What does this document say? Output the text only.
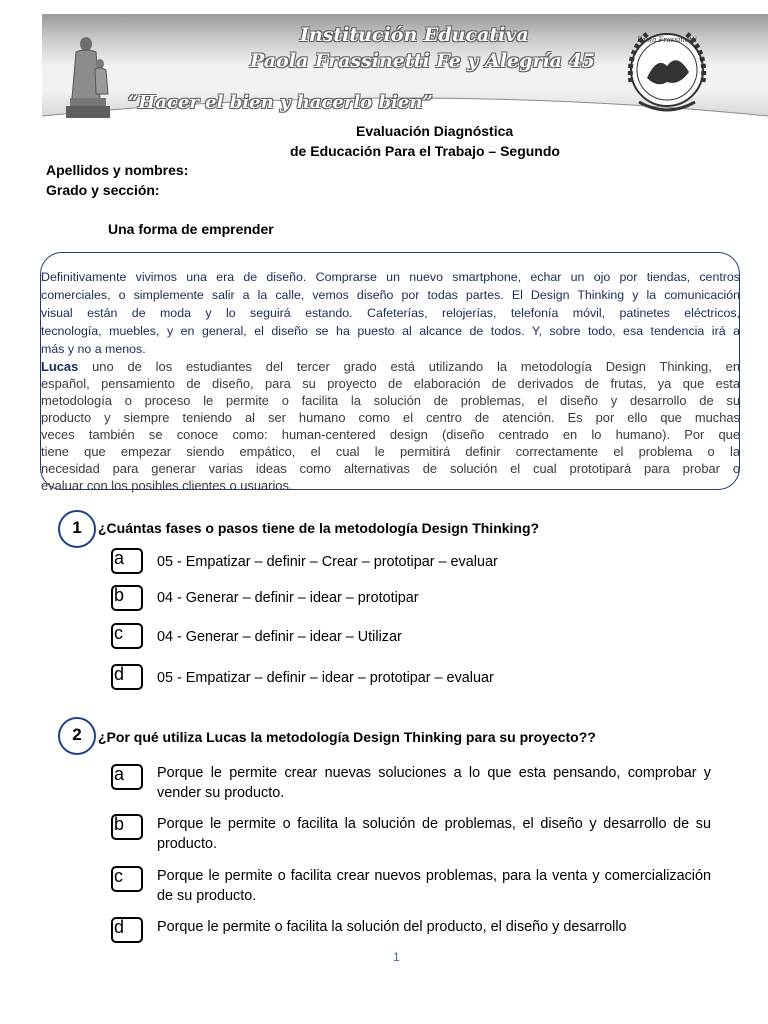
Institución Educativa
Paola Frassinetti Fe y Alegría 45
“Hacer el bien y hacerlo bien”
Paola Frassinetti
Evaluación Diagnóstica
de Educación Para el Trabajo – Segundo
Apellidos y nombres:
Grado y sección:
Una forma de emprender
Definitivamente vivimos una era de diseño. Comprarse un nuevo smartphone, echar un ojo por tiendas, centros
comerciales, o simplemente salir a la calle, vemos diseño por todas partes. El Design Thinking y la comunicación
visual están de moda y lo seguirá estando. Cafeterías, relojerías, telefonía móvil, patinetes eléctricos,
tecnología, muebles, y en general, el diseño se ha puesto al alcance de todos. Y, sobre todo, esa tendencia irá a
más y no a menos.
Lucas uno de los estudiantes del tercer grado está utilizando la metodología Design Thinking, en
español, pensamiento de diseño, para su proyecto de elaboración de derivados de frutas, ya que esta
metodología o proceso le permite o facilita la solución de problemas, el diseño y desarrollo de su
producto y siempre teniendo al ser humano como el centro de atención. Es por ello que muchas
veces también se conoce como: human-centered design (diseño centrado en lo humano). Por que
tiene que empezar siendo empático, el cual le permitirá definir correctamente el problema o la
necesidad para generar varias ideas como alternativas de solución el cual prototipará para probar o
evaluar con los posibles clientes o usuarios.
1	¿Cuántas fases o pasos tiene de la metodología Design Thinking?
a	05 - Empatizar – definir – Crear – prototipar – evaluar
b	04 - Generar – definir – idear – prototipar
c	04 - Generar – definir – idear – Utilizar
d	05 - Empatizar – definir – idear – prototipar – evaluar
2	¿Por qué utiliza Lucas la metodología Design Thinking para su proyecto??
a	Porque le permite crear nuevas soluciones a lo que esta pensando, comprobar y vender su producto.
b	Porque le permite o facilita la solución de problemas, el diseño y desarrollo de su producto.
c	Porque le permite o facilita crear nuevos problemas, para la venta y comercialización de su producto.
d	Porque le permite o facilita la solución del producto, el diseño y desarrollo
1
